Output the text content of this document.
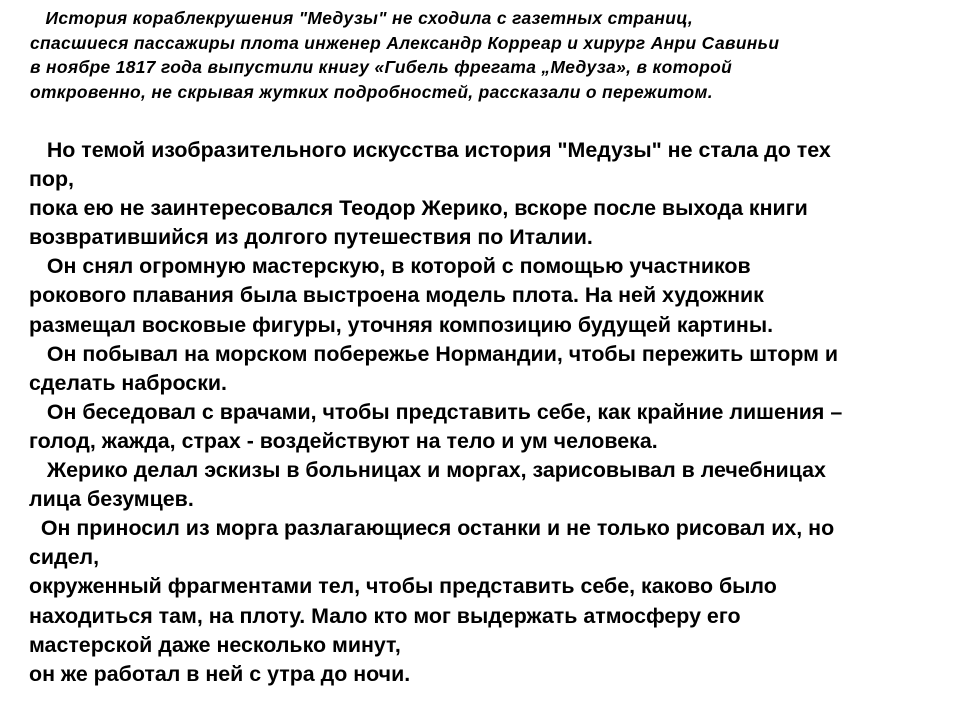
История кораблекрушения "Медузы" не сходила с газетных страниц,
спасшиеся пассажиры плота инженер Александр Корреар и хирург Анри Савиньи
в ноябре 1817 года выпустили книгу «Гибель фрегата „Медуза», в которой
откровенно, не скрывая жутких подробностей, рассказали о пережитом.
Но темой изобразительного искусства история "Медузы" не стала до тех
пор,
пока ею не заинтересовался Теодор Жерико, вскоре после выхода книги
возвратившийся из долгого путешествия по Италии.
Он снял огромную мастерскую, в которой с помощью участников
рокового плавания была выстроена модель плота. На ней художник
размещал восковые фигуры, уточняя композицию будущей картины.
Он побывал на морском побережье Нормандии, чтобы пережить шторм и
сделать наброски.
Он беседовал с врачами, чтобы представить себе, как крайние лишения –
голод, жажда, страх - воздействуют на тело и ум человека.
Жерико делал эскизы в больницах и моргах, зарисовывал в лечебницах
лица безумцев.
Он приносил из морга разлагающиеся останки и не только рисовал их, но
сидел,
окруженный фрагментами тел, чтобы представить себе, каково было
находиться там, на плоту. Мало кто мог выдержать атмосферу его
мастерской даже несколько минут,
он же работал в ней с утра до ночи.
